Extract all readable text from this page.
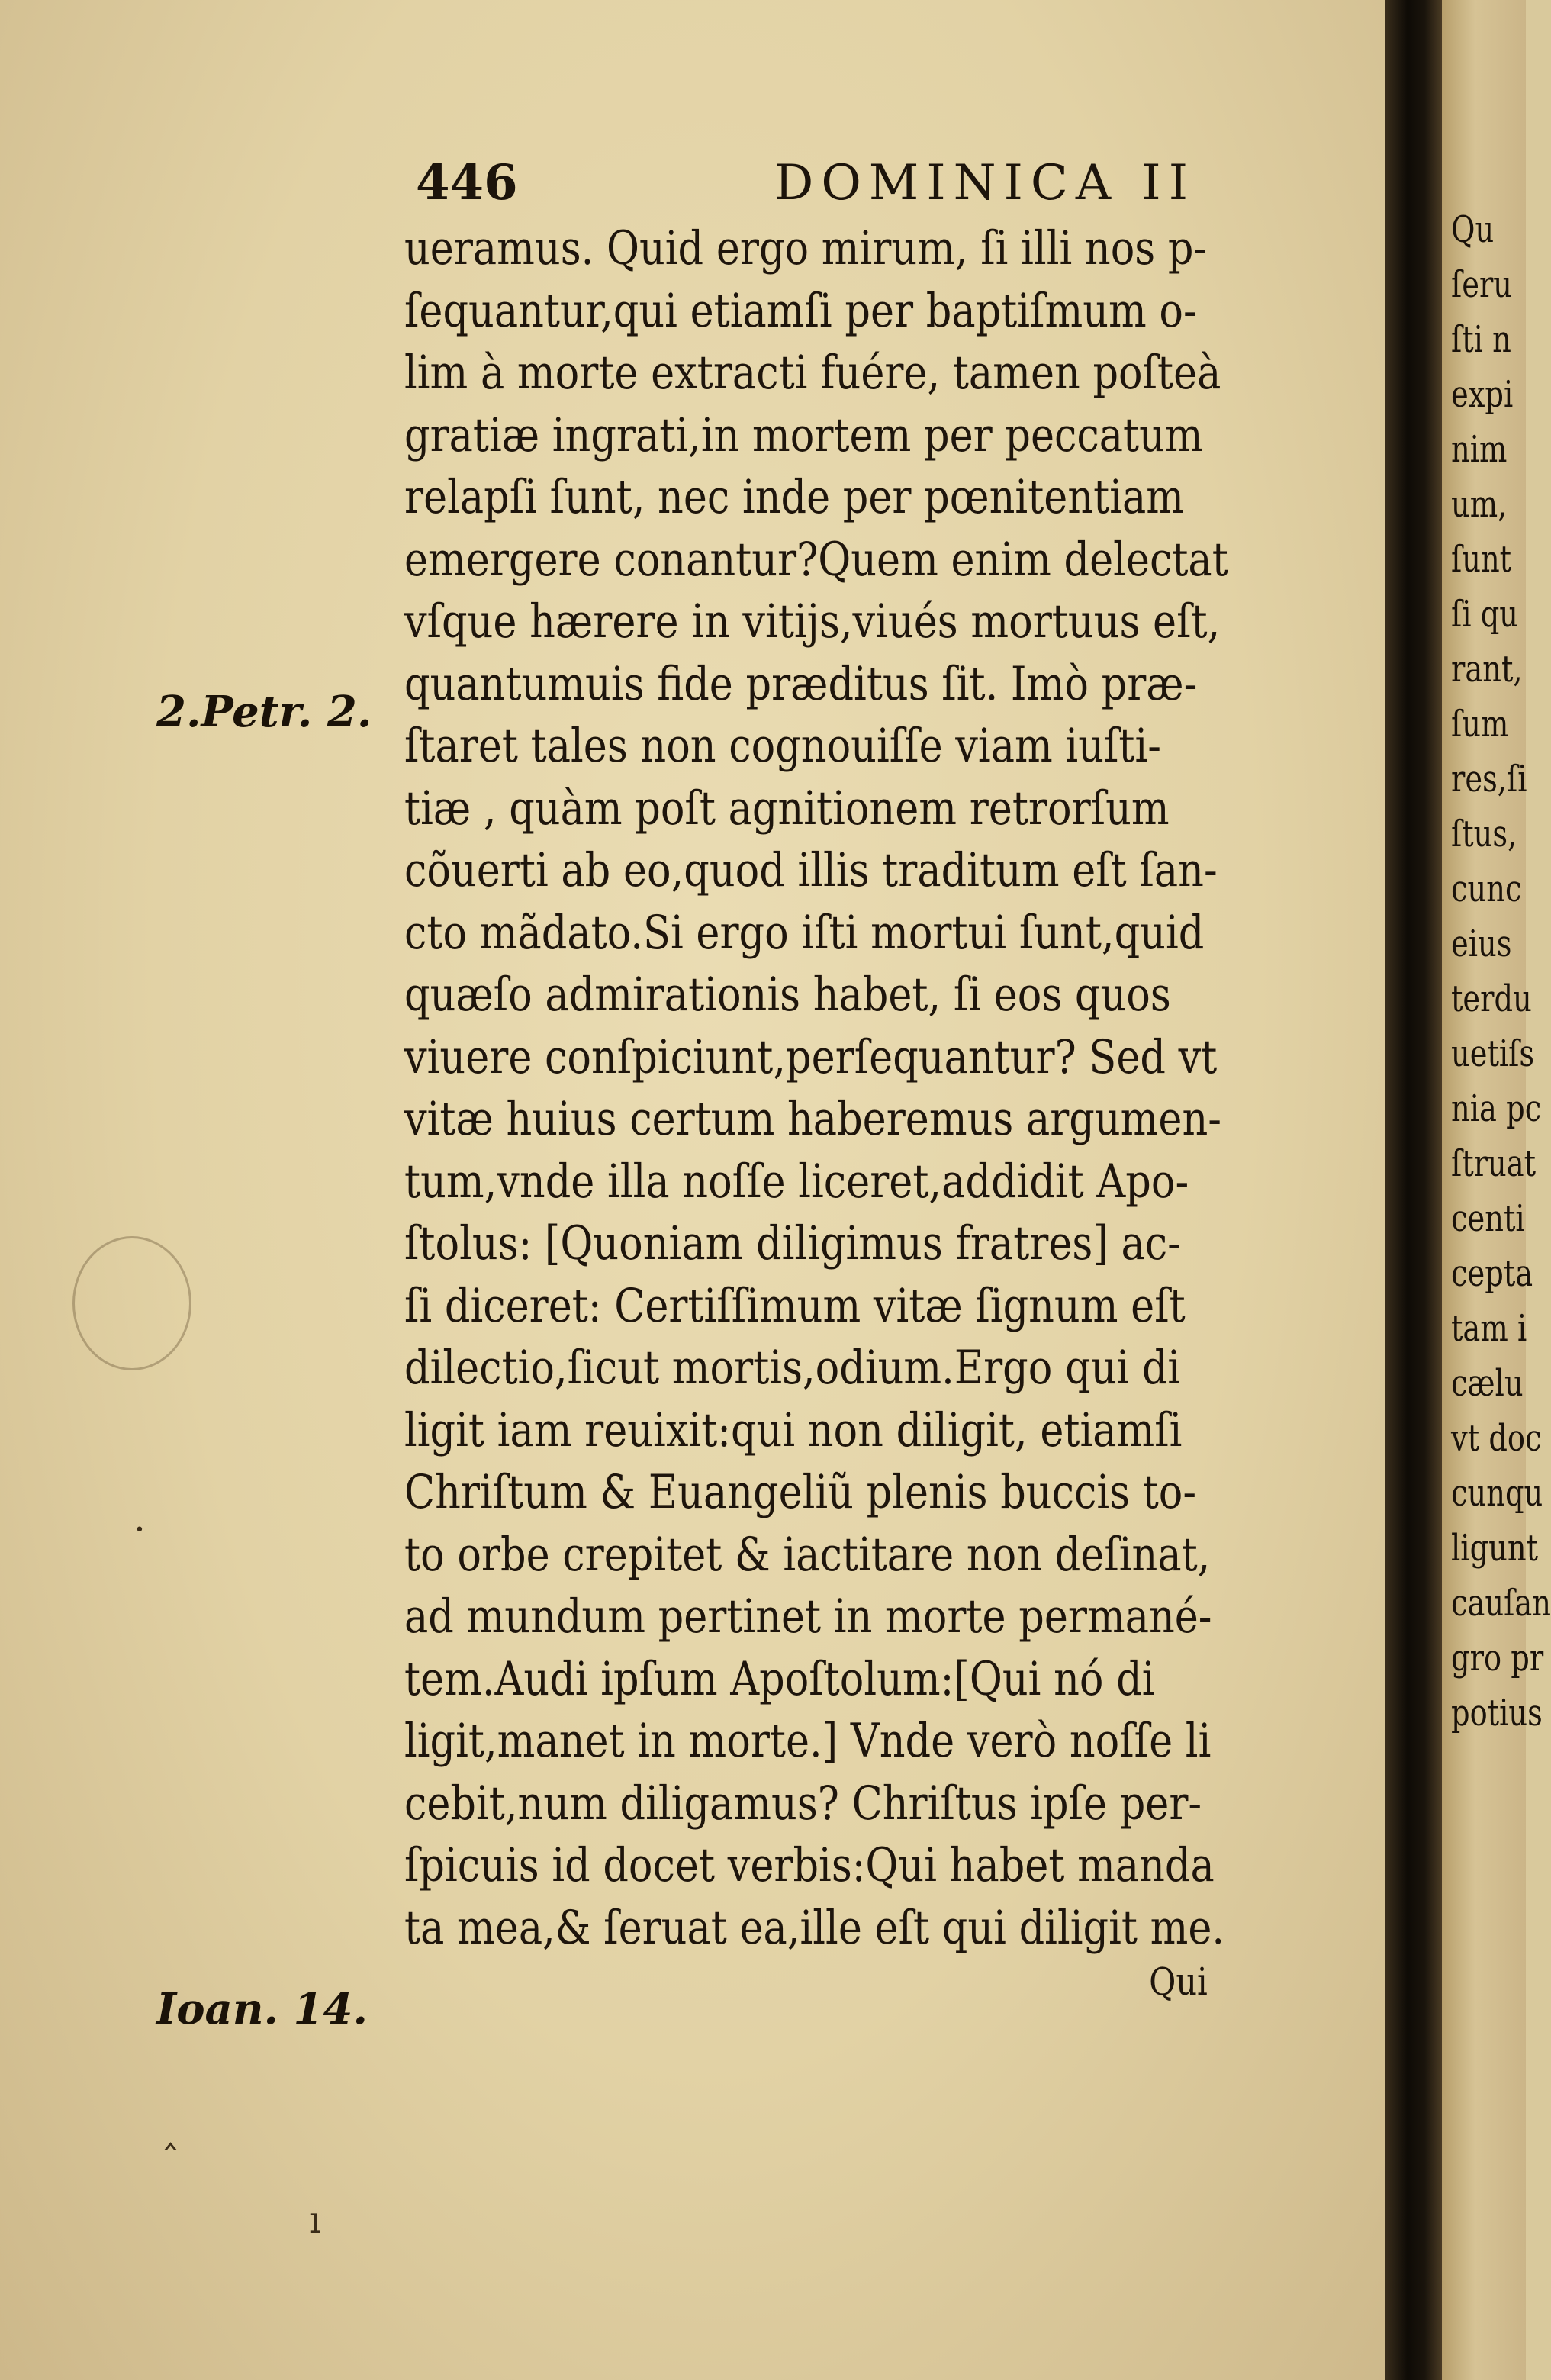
·
‸
ı
446	DOMINICA II
2.Petr. 2.
Ioan. 14.
ueramus. Quid ergo mirum, ſi illi nos p-
ſequantur,qui etiamſi per baptiſmum o-
lim à morte extracti fuére, tamen poſteà
gratiæ ingrati,in mortem per peccatum
relapſi ſunt, nec inde per pœnitentiam
emergere conantur?Quem enim delectat
vſque hærere in vitijs,viués mortuus eſt,
quantumuis fide præditus ſit. Imò præ-
ſtaret tales non cognouiſſe viam iuſti-
tiæ , quàm poſt agnitionem retrorſum
cõuerti ab eo,quod illis traditum eſt ſan-
cto mãdato.Si ergo iſti mortui ſunt,quid
quæſo admirationis habet, ſi eos quos
viuere conſpiciunt,perſequantur? Sed vt
vitæ huius certum haberemus argumen-
tum,vnde illa noſſe liceret,addidit Apo-
ſtolus: [Quoniam diligimus fratres] ac-
ſi diceret: Certiſſimum vitæ ſignum eſt
dilectio,ſicut mortis,odium.Ergo qui di
ligit iam reuixit:qui non diligit, etiamſi
Chriſtum & Euangeliũ plenis buccis to-
to orbe crepitet & iactitare non deſinat,
ad mundum pertinet in morte permané-
tem.Audi ipſum Apoſtolum:[Qui nó di
ligit,manet in morte.] Vnde verò noſſe li
cebit,num diligamus? Chriſtus ipſe per-
ſpicuis id docet verbis:Qui habet manda
ta mea,& ſeruat ea,ille eſt qui diligit me.
Qui
Qu
ſeru
ſti n
expi
nim
um,
ſunt
ſi qu
rant,
ſum
res,ſi
ſtus,
cunc
eius
terdu
uetiſs
nia pc
ſtruat
centi
cepta
tam i
cælu
vt doc
cunqu
ligunt
cauſan
gro pr
potius
